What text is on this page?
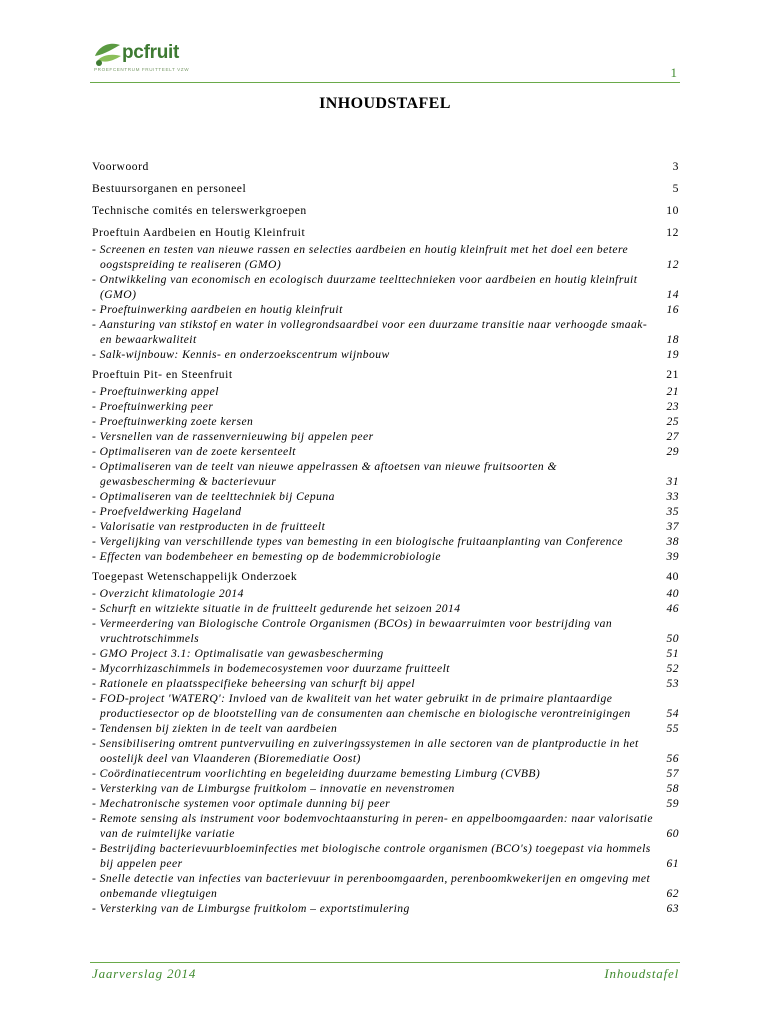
pcfruit
PROEFCENTRUM FRUITTEELT VZW	1
INHOUDSTAFEL
Voorwoord	3
Bestuursorganen en personeel	5
Technische comités en telerswerkgroepen	10
Proeftuin Aardbeien en Houtig Kleinfruit	12
- Screenen en testen van nieuwe rassen en selecties aardbeien en houtig kleinfruit met het doel een betere oogstspreiding te realiseren (GMO)	12
- Ontwikkeling van economisch en ecologisch duurzame teelttechnieken voor aardbeien en houtig kleinfruit (GMO)	14
- Proeftuinwerking aardbeien en houtig kleinfruit	16
- Aansturing van stikstof en water in vollegrondsaardbei voor een duurzame transitie naar verhoogde smaak- en bewaarkwaliteit	18
- Salk-wijnbouw: Kennis- en onderzoekscentrum wijnbouw	19
Proeftuin Pit- en Steenfruit	21
- Proeftuinwerking appel	21
- Proeftuinwerking peer	23
- Proeftuinwerking zoete kersen	25
- Versnellen van de rassenvernieuwing bij appelen peer	27
- Optimaliseren van de zoete kersenteelt	29
- Optimaliseren van de teelt van nieuwe appelrassen & aftoetsen van nieuwe fruitsoorten & gewasbescherming & bacterievuur	31
- Optimaliseren van de teelttechniek bij Cepuna	33
- Proefveldwerking Hageland	35
- Valorisatie van restproducten in de fruitteelt	37
- Vergelijking van verschillende types van bemesting in een biologische fruitaanplanting van Conference	38
- Effecten van bodembeheer en bemesting op de bodemmicrobiologie	39
Toegepast Wetenschappelijk Onderzoek	40
- Overzicht klimatologie 2014	40
- Schurft en witziekte situatie in de fruitteelt gedurende het seizoen 2014	46
- Vermeerdering van Biologische Controle Organismen (BCOs) in bewaarruimten voor bestrijding van vruchtrotschimmels	50
- GMO Project 3.1: Optimalisatie van gewasbescherming	51
- Mycorrhizaschimmels in bodemecosystemen voor duurzame fruitteelt	52
- Rationele en plaatsspecifieke beheersing van schurft bij appel	53
- FOD-project 'WATERQ': Invloed van de kwaliteit van het water gebruikt in de primaire plantaardige productiesector op de blootstelling van de consumenten aan chemische en biologische verontreinigingen	54
- Tendensen bij ziekten in de teelt van aardbeien	55
- Sensibilisering omtrent puntvervuiling en zuiveringssystemen in alle sectoren van de plantproductie in het oostelijk deel van Vlaanderen (Bioremediatie Oost)	56
- Coördinatiecentrum voorlichting en begeleiding duurzame bemesting Limburg (CVBB)	57
- Versterking van de Limburgse fruitkolom – innovatie en nevenstromen	58
- Mechatronische systemen voor optimale dunning bij peer	59
- Remote sensing als instrument voor bodemvochtaansturing in peren- en appelboomgaarden: naar valorisatie van de ruimtelijke variatie	60
- Bestrijding bacterievuurbloeminfecties met biologische controle organismen (BCO's) toegepast via hommels bij appelen peer	61
- Snelle detectie van infecties van bacterievuur in perenboomgaarden, perenboomkwekerijen en omgeving met onbemande vliegtuigen	62
- Versterking van de Limburgse fruitkolom – exportstimulering	63
Jaarverslag 2014	Inhoudstafel
